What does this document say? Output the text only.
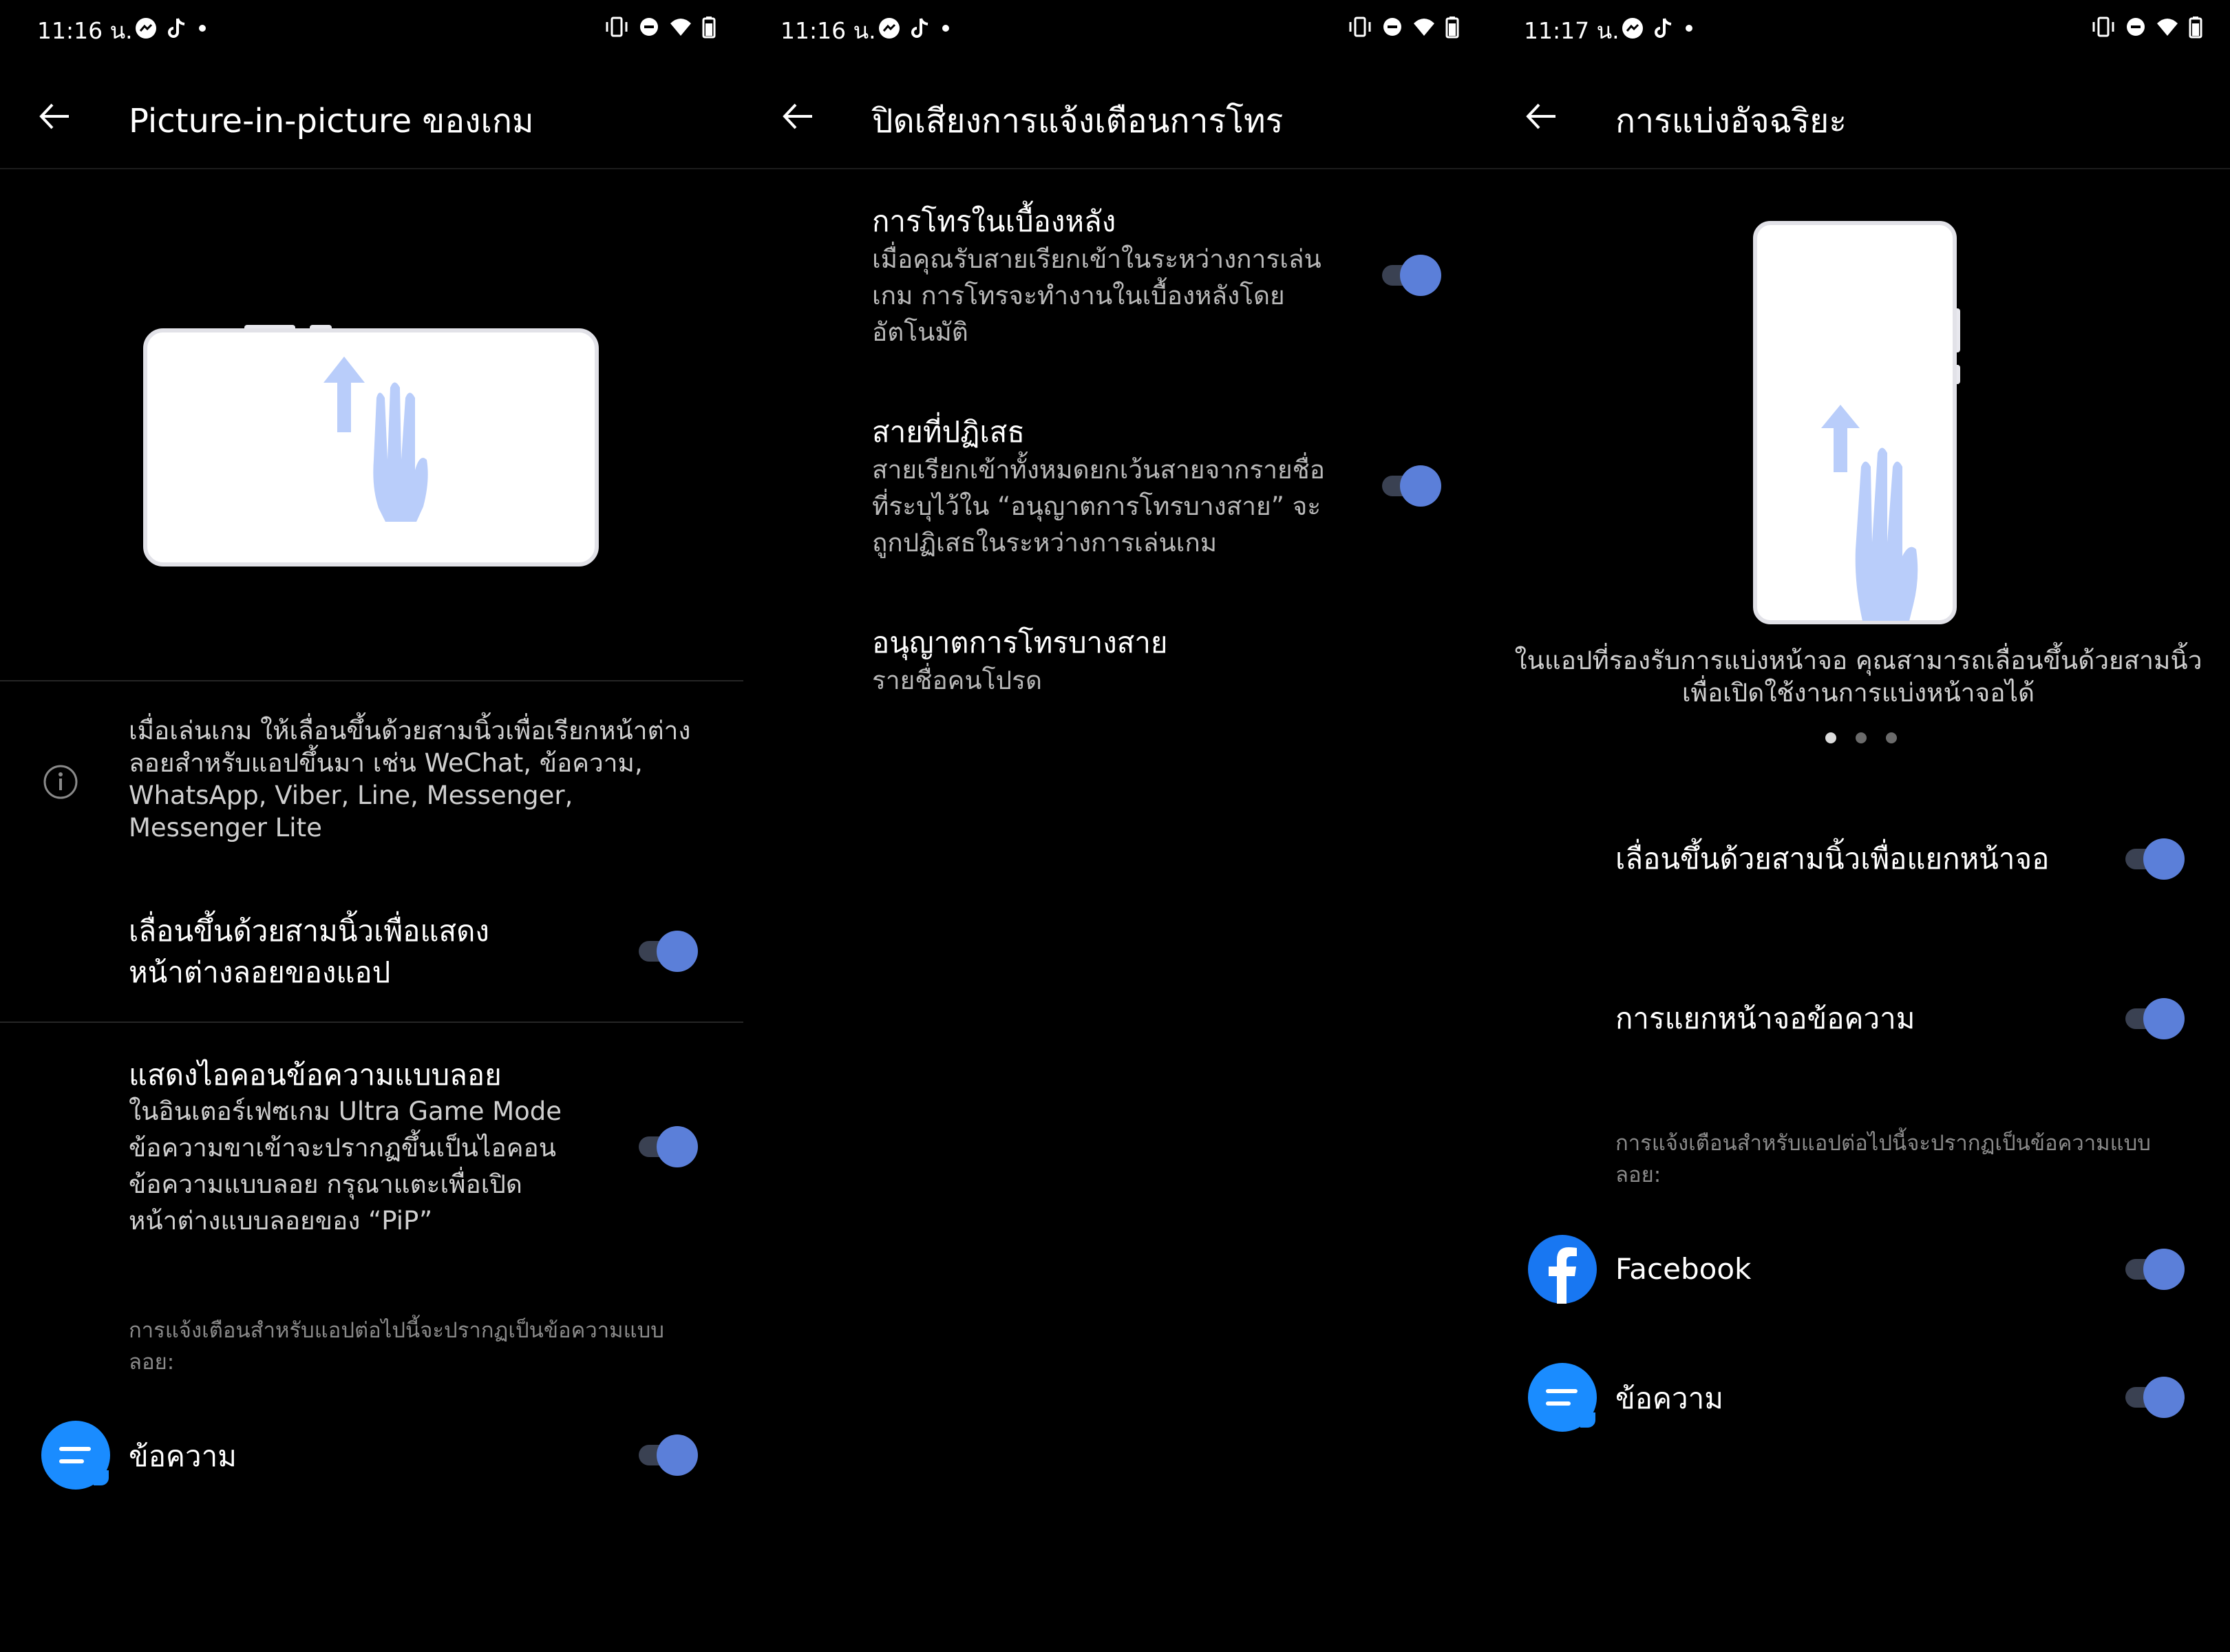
11:16 น.
Picture-in-picture ของเกม
เมื่อเล่นเกม ให้เลื่อนขึ้นด้วยสามนิ้วเพื่อเรียกหน้าต่างลอยสำหรับแอปขึ้นมา เช่น WeChat, ข้อความ, WhatsApp, Viber, Line, Messenger, Messenger Lite
เลื่อนขึ้นด้วยสามนิ้วเพื่อแสดงหน้าต่างลอยของแอป
แสดงไอคอนข้อความแบบลอย
ในอินเตอร์เฟซเกม Ultra Game Mode ข้อความขาเข้าจะปรากฏขึ้นเป็นไอคอนข้อความแบบลอย กรุณาแตะเพื่อเปิดหน้าต่างแบบลอยของ “PiP”
การแจ้งเตือนสำหรับแอปต่อไปนี้จะปรากฏเป็นข้อความแบบลอย:
ข้อความ
11:16 น.
ปิดเสียงการแจ้งเตือนการโทร
การโทรในเบื้องหลัง
เมื่อคุณรับสายเรียกเข้าในระหว่างการเล่นเกม การโทรจะทำงานในเบื้องหลังโดยอัตโนมัติ
สายที่ปฏิเสธ
สายเรียกเข้าทั้งหมดยกเว้นสายจากรายชื่อที่ระบุไว้ใน “อนุญาตการโทรบางสาย” จะถูกปฏิเสธในระหว่างการเล่นเกม
อนุญาตการโทรบางสาย
รายชื่อคนโปรด
11:17 น.
การแบ่งอัจฉริยะ
ในแอปที่รองรับการแบ่งหน้าจอ คุณสามารถเลื่อนขึ้นด้วยสามนิ้วเพื่อเปิดใช้งานการแบ่งหน้าจอได้
เลื่อนขึ้นด้วยสามนิ้วเพื่อแยกหน้าจอ
การแยกหน้าจอข้อความ
การแจ้งเตือนสำหรับแอปต่อไปนี้จะปรากฏเป็นข้อความแบบลอย:
Facebook
ข้อความ
